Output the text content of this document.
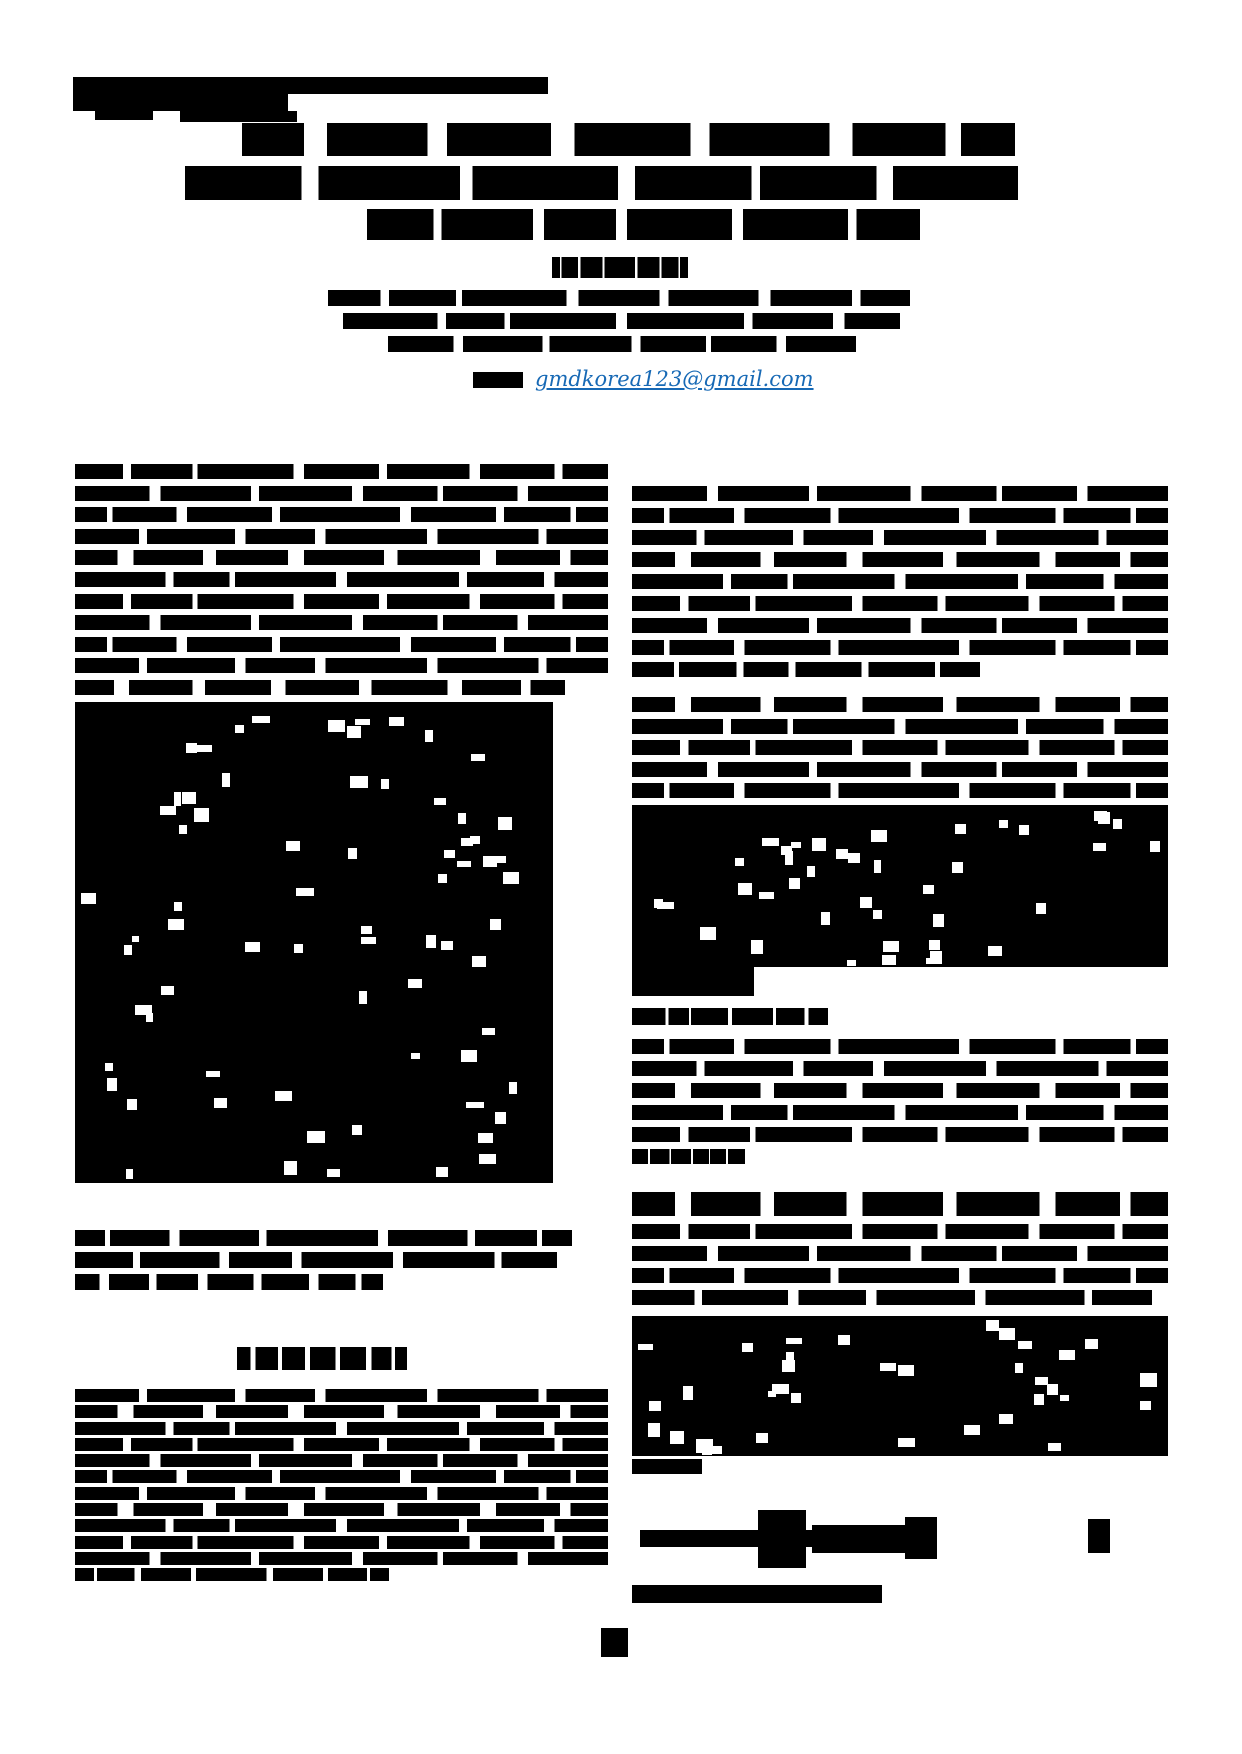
gmdkorea123@gmail.com
